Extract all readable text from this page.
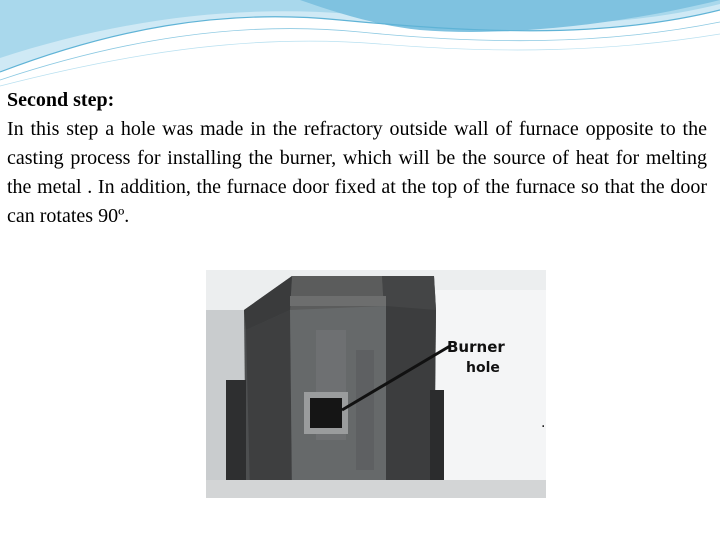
Second step:
In this step a hole was made in the refractory outside wall of furnace opposite to the casting process for installing the burner, which will be the source of heat for melting the metal . In addition, the furnace door fixed at the top of the furnace so that the door can rotates 90º.
.
Burner
hole
